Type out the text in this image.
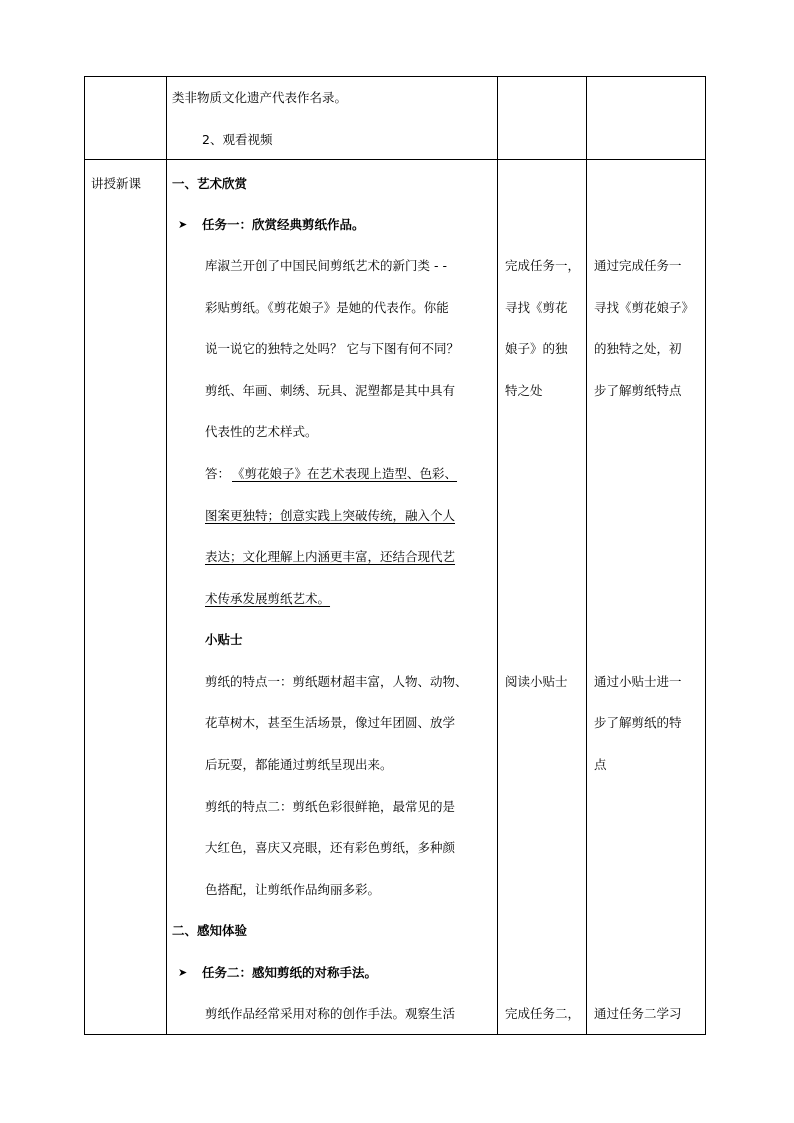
类非物质文化遗产代表作名录。
2、观看视频
讲授新课 一、艺术欣赏
➤ 任务一：欣赏经典剪纸作品。
库淑兰开创了中国民间剪纸艺术的新门类 - -
彩贴剪纸。《剪花娘子》是她的代表作。你能
说一说它的独特之处吗？ 它与下图有何不同？
剪纸、年画、刺绣、玩具、泥塑都是其中具有
代表性的艺术样式。
答： 《剪花娘子》在艺术表现上造型、色彩、
图案更独特；创意实践上突破传统，融入个人
表达；文化理解上内涵更丰富，还结合现代艺
术传承发展剪纸艺术。
小贴士
剪纸的特点一：剪纸题材超丰富，人物、动物、
花草树木，甚至生活场景，像过年团圆、放学
后玩耍，都能通过剪纸呈现出来。
剪纸的特点二：剪纸色彩很鲜艳，最常见的是
大红色，喜庆又亮眼，还有彩色剪纸，多种颜
色搭配，让剪纸作品绚丽多彩。
二、感知体验
➤ 任务二：感知剪纸的对称手法。
剪纸作品经常采用对称的创作手法。观察生活
完成任务一，
寻找《剪花
娘子》的独
特之处
阅读小贴士
完成任务二，
通过完成任务一
寻找《剪花娘子》
的独特之处，初
步了解剪纸特点
通过小贴士进一
步了解剪纸的特
点
通过任务二学习
